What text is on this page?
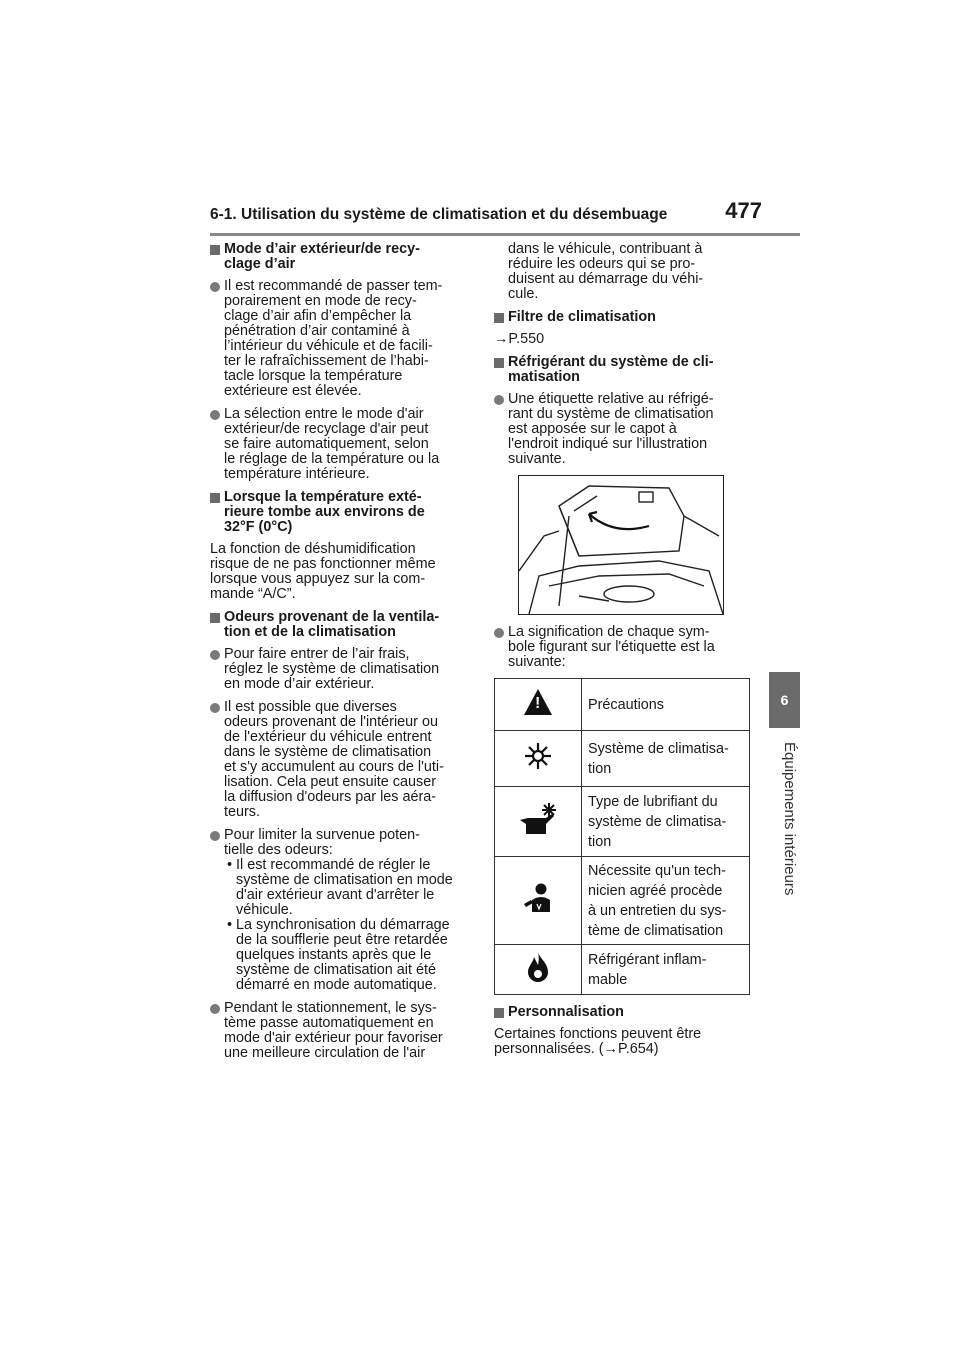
6-1. Utilisation du système de climatisation et du désembuage	477
6
Équipements intérieurs
Mode d’air extérieur/de recy-
clage d’air
Il est recommandé de passer tem-
porairement en mode de recy-
clage d’air afin d’empêcher la
pénétration d’air contaminé à
l’intérieur du véhicule et de facili-
ter le rafraîchissement de l’habi-
tacle lorsque la température
extérieure est élevée.
La sélection entre le mode d'air
extérieur/de recyclage d'air peut
se faire automatiquement, selon
le réglage de la température ou la
température intérieure.
Lorsque la température exté-
rieure tombe aux environs de
32°F (0°C)
La fonction de déshumidification
risque de ne pas fonctionner même
lorsque vous appuyez sur la com-
mande “A/C”.
Odeurs provenant de la ventila-
tion et de la climatisation
Pour faire entrer de l’air frais,
réglez le système de climatisation
en mode d’air extérieur.
Il est possible que diverses
odeurs provenant de l'intérieur ou
de l'extérieur du véhicule entrent
dans le système de climatisation
et s'y accumulent au cours de l'uti-
lisation. Cela peut ensuite causer
la diffusion d'odeurs par les aéra-
teurs.
Pour limiter la survenue poten-
tielle des odeurs:
• Il est recommandé de régler le
système de climatisation en mode
d'air extérieur avant d'arrêter le
véhicule.
• La synchronisation du démarrage
de la soufflerie peut être retardée
quelques instants après que le
système de climatisation ait été
démarré en mode automatique.
Pendant le stationnement, le sys-
tème passe automatiquement en
mode d'air extérieur pour favoriser
une meilleure circulation de l'air
dans le véhicule, contribuant à
réduire les odeurs qui se pro-
duisent au démarrage du véhi-
cule.
Filtre de climatisation
→P.550
Réfrigérant du système de cli-
matisation
Une étiquette relative au réfrigé-
rant du système de climatisation
est apposée sur le capot à
l'endroit indiqué sur l'illustration
suivante.
La signification de chaque sym-
bole figurant sur l'étiquette est la
suivante:
!	Précautions
	Système de climatisa-
tion
	Type de lubrifiant du
système de climatisa-
tion
	Nécessite qu'un tech-
nicien agréé procède
à un entretien du sys-
tème de climatisation
	Réfrigérant inflam-
mable
Personnalisation
Certaines fonctions peuvent être
personnalisées. (→P.654)
